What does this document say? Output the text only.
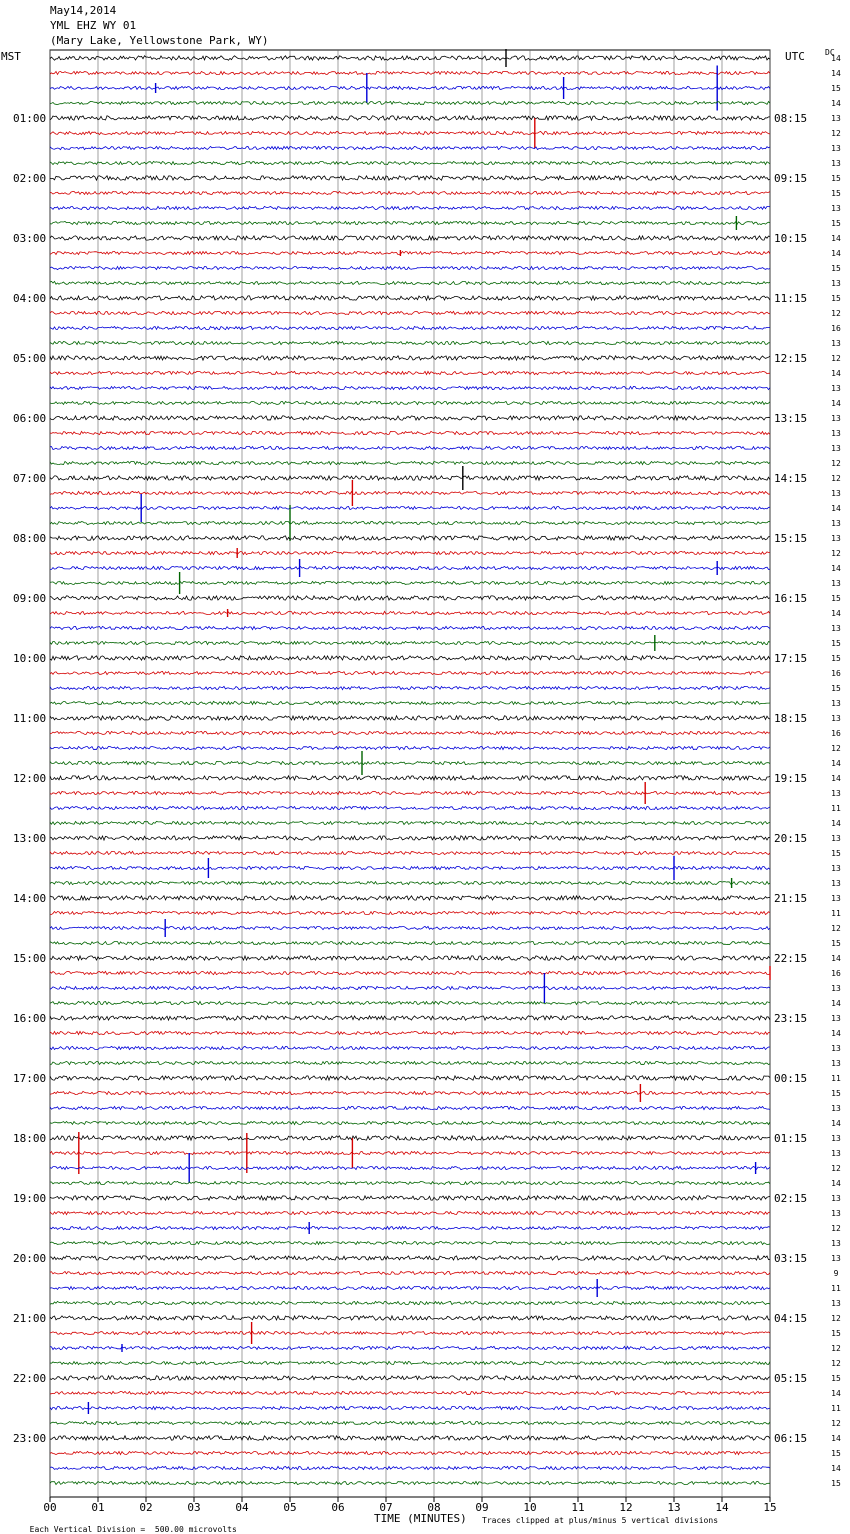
May14,2014
YML EHZ WY 01
(Mary Lake, Yellowstone Park, WY)
MST	UTC	DC
00	01	02	03	04	05	06	07	08	09	10	11	12	13	14	15
14
14
15
14
13
12
13
13
15
15
13
15
14
14
15
13
15
12
16
13
12
14
13
14
13
13
13
12
12
13
14
13
13
12
14
13
15
14
13
15
15
16
15
13
13
16
12
14
14
13
11
14
13
15
13
13
13
11
12
15
14
16
13
14
13
14
13
13
11
15
13
14
13
13
12
14
13
13
12
13
13
9
11
13
12
15
12
12
15
14
11
12
14
15
14
15
01:00	08:15
02:00	09:15
03:00	10:15
04:00	11:15
05:00	12:15
06:00	13:15
07:00	14:15
08:00	15:15
09:00	16:15
10:00	17:15
11:00	18:15
12:00	19:15
13:00	20:15
14:00	21:15
15:00	22:15
16:00	23:15
17:00	00:15
18:00	01:15
19:00	02:15
20:00	03:15
21:00	04:15
22:00	05:15
23:00	06:15

Each Vertical Division = 500.00 microvolts

TIME (MINUTES) Traces clipped at plus/minus 5 vertical divisions
